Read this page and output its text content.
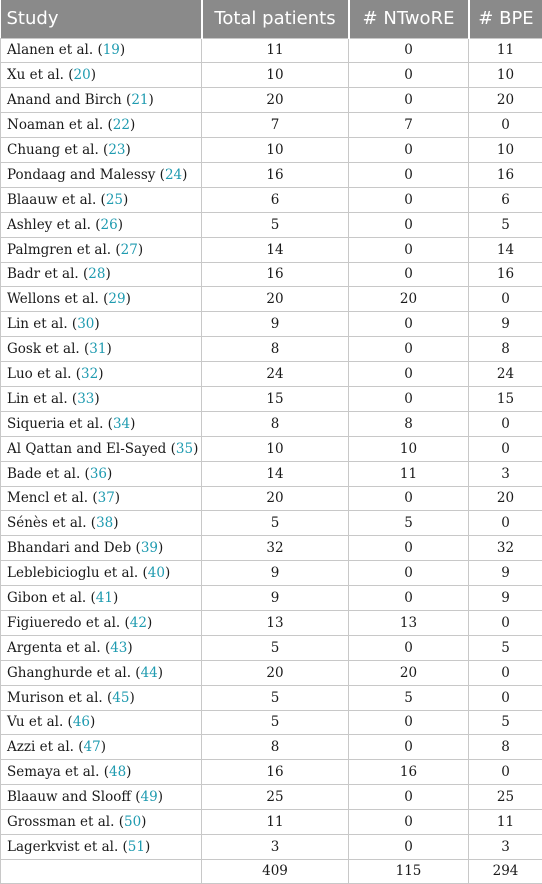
Study	Total patients	# NTwoRE	# BPE
Alanen et al. (19)	11	0	11
Xu et al. (20)	10	0	10
Anand and Birch (21)	20	0	20
Noaman et al. (22)	7	7	0
Chuang et al. (23)	10	0	10
Pondaag and Malessy (24)	16	0	16
Blaauw et al. (25)	6	0	6
Ashley et al. (26)	5	0	5
Palmgren et al. (27)	14	0	14
Badr et al. (28)	16	0	16
Wellons et al. (29)	20	20	0
Lin et al. (30)	9	0	9
Gosk et al. (31)	8	0	8
Luo et al. (32)	24	0	24
Lin et al. (33)	15	0	15
Siqueria et al. (34)	8	8	0
Al Qattan and El-Sayed (35)	10	10	0
Bade et al. (36)	14	11	3
Mencl et al. (37)	20	0	20
Sénès et al. (38)	5	5	0
Bhandari and Deb (39)	32	0	32
Leblebicioglu et al. (40)	9	0	9
Gibon et al. (41)	9	0	9
Figiueredo et al. (42)	13	13	0
Argenta et al. (43)	5	0	5
Ghanghurde et al. (44)	20	20	0
Murison et al. (45)	5	5	0
Vu et al. (46)	5	0	5
Azzi et al. (47)	8	0	8
Semaya et al. (48)	16	16	0
Blaauw and Slooff (49)	25	0	25
Grossman et al. (50)	11	0	11
Lagerkvist et al. (51)	3	0	3
	409	115	294
